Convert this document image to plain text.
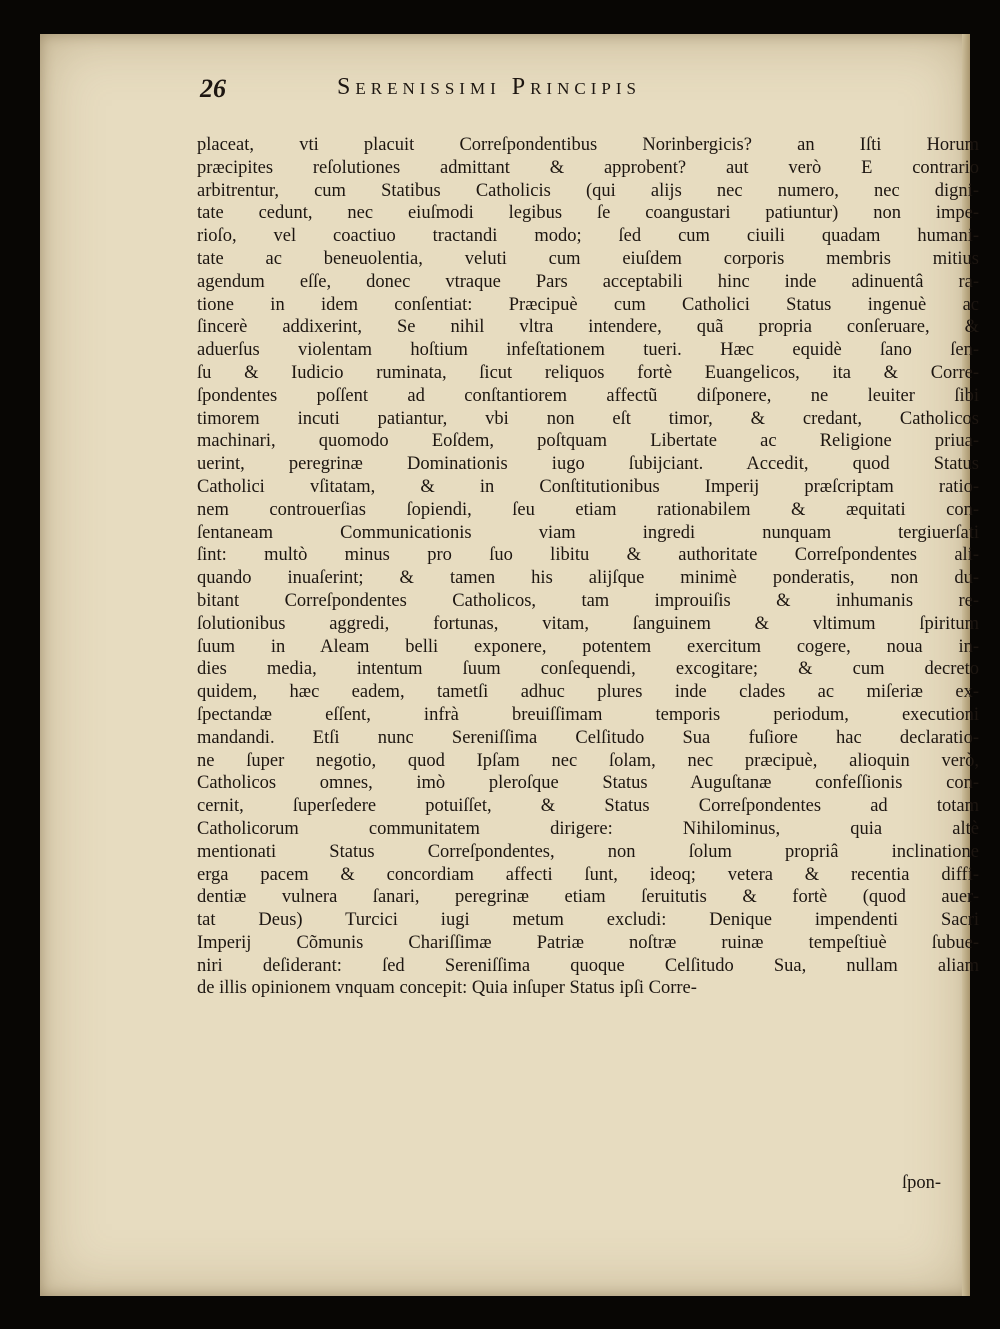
26	Serenissimi Principis
placeat, vti placuit Correſpondentibus Norinbergicis? an Iſti Horum
præcipites reſolutiones admittant & approbent? aut verò E contrario
arbitrentur, cum Statibus Catholicis (qui alijs nec numero, nec digni-
tate cedunt, nec eiuſmodi legibus ſe coangustari patiuntur) non impe-
rioſo, vel coactiuo tractandi modo; ſed cum ciuili quadam humani-
tate ac beneuolentia, veluti cum eiuſdem corporis membris mitius
agendum eſſe, donec vtraque Pars acceptabili hinc inde adinuentâ ra-
tione in idem conſentiat: Præcipuè cum Catholici Status ingenuè ac
ſincerè addixerint, Se nihil vltra intendere, quã propria conſeruare, &
aduerſus violentam hoſtium infeſtationem tueri. Hæc equidè ſano ſen-
ſu & Iudicio ruminata, ſicut reliquos fortè Euangelicos, ita & Corre-
ſpondentes poſſent ad conſtantiorem affectũ diſponere, ne leuiter ſibi
timorem incuti patiantur, vbi non eſt timor, & credant, Catholicos
machinari, quomodo Eoſdem, poſtquam Libertate ac Religione priua-
uerint, peregrinæ Dominationis iugo ſubijciant. Accedit, quod Status
Catholici vſitatam, & in Conſtitutionibus Imperij præſcriptam ratio-
nem controuerſias ſopiendi, ſeu etiam rationabilem & æquitati con-
ſentaneam Communicationis viam ingredi nunquam tergiuerſati
ſint: multò minus pro ſuo libitu & authoritate Correſpondentes ali-
quando inuaſerint; & tamen his alijſque minimè ponderatis, non du-
bitant Correſpondentes Catholicos, tam improuiſis & inhumanis re-
ſolutionibus aggredi, fortunas, vitam, ſanguinem & vltimum ſpiritum
ſuum in Aleam belli exponere, potentem exercitum cogere, noua in-
dies media, intentum ſuum conſequendi, excogitare; & cum decreto
quidem, hæc eadem, tametſi adhuc plures inde clades ac miſeriæ ex-
ſpectandæ eſſent, infrà breuiſſimam temporis periodum, executioni
mandandi. Etſi nunc Sereniſſima Celſitudo Sua fuſiore hac declaratio-
ne ſuper negotio, quod Ipſam nec ſolam, nec præcipuè, alioquin verò,
Catholicos omnes, imò pleroſque Status Auguſtanæ confeſſionis con-
cernit, ſuperſedere potuiſſet, & Status Correſpondentes ad totam
Catholicorum communitatem dirigere: Nihilominus, quia altè
mentionati Status Correſpondentes, non ſolum propriâ inclinatione
erga pacem & concordiam affecti ſunt, ideoq; vetera & recentia diffi-
dentiæ vulnera ſanari, peregrinæ etiam ſeruitutis & fortè (quod auer-
tat Deus) Turcici iugi metum excludi: Denique impendenti Sacri
Imperij Cõmunis Chariſſimæ Patriæ noſtræ ruinæ tempeſtiuè ſubue-
niri deſiderant: ſed Sereniſſima quoque Celſitudo Sua, nullam aliam
de illis opinionem vnquam concepit: Quia inſuper Status ipſi Corre-
ſpon-
